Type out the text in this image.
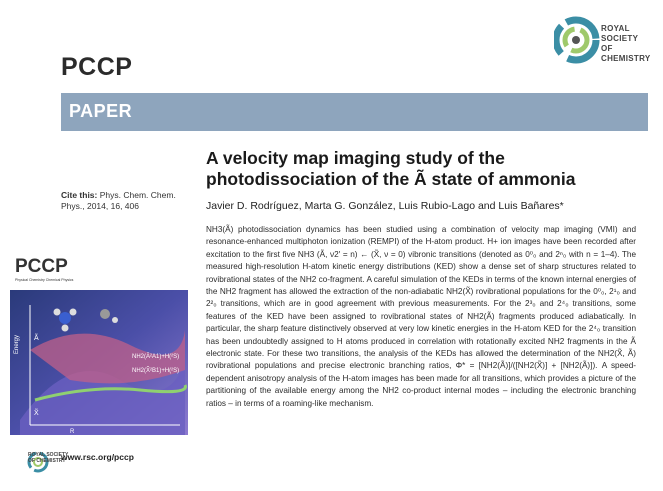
PCCP
ROYAL SOCIETY
OF CHEMISTRY
PAPER
A velocity map imaging study of the photodissociation of the Ã state of ammonia
Cite this: Phys. Chem. Chem. Phys., 2014, 16, 406	Javier D. Rodríguez, Marta G. González, Luis Rubio-Lago and Luis Bañares*
NH3(Ã) photodissociation dynamics has been studied using a combination of velocity map imaging (VMI) and resonance-enhanced multiphoton ionization (REMPI) of the H-atom product. H+ ion images have been recorded after excitation to the first five NH3 (Ã, ν2′ = n) ← (X̃, ν = 0) vibronic transitions (denoted as 0⁰₀ and 2ⁿ₀ with n = 1–4). The measured high-resolution H-atom kinetic energy distributions (KED) show a dense set of sharp structures related to rovibrational states of the NH2 co-fragment. A careful simulation of the KEDs in terms of the known internal energies of the NH2 fragment has allowed the extraction of the non-adiabatic NH2(X̃) rovibrational populations for the 0⁰₀, 2¹₀ and 2²₀ transitions, which are in good agreement with previous measurements. For the 2³₀ and 2⁴₀ transitions, some features of the KED have been assigned to rovibrational states of NH2(Ã) fragments produced adiabatically. In particular, the sharp feature distinctively observed at very low kinetic energies in the H-atom KED for the 2⁴₀ transition has been undoubtedly assigned to H atoms produced in correlation with rotationally excited NH2 fragments in the Ã electronic state. For these two transitions, the analysis of the KEDs has allowed the determination of the NH2(X̃, Ã) rovibrational populations and precise electronic branching ratios, Φ* = [NH2(Ã)]/([NH2(X̃)] + [NH2(Ã)]). A speed-dependent anisotropy analysis of the H-atom images has been made for all transitions, which provides a picture of the partitioning of the available energy among the NH2 co-product internal modes – including the electronic branching ratios – in terms of a roaming-like mechanism.
PCCP
Physical Chemistry Chemical Physics
NH2(Ã²A1)+H(²S)
NH2(X̃²B1)+H(²S)
Energy
R
Ã
X̃
ROYAL SOCIETY
OF CHEMISTRY
www.rsc.org/pccp
